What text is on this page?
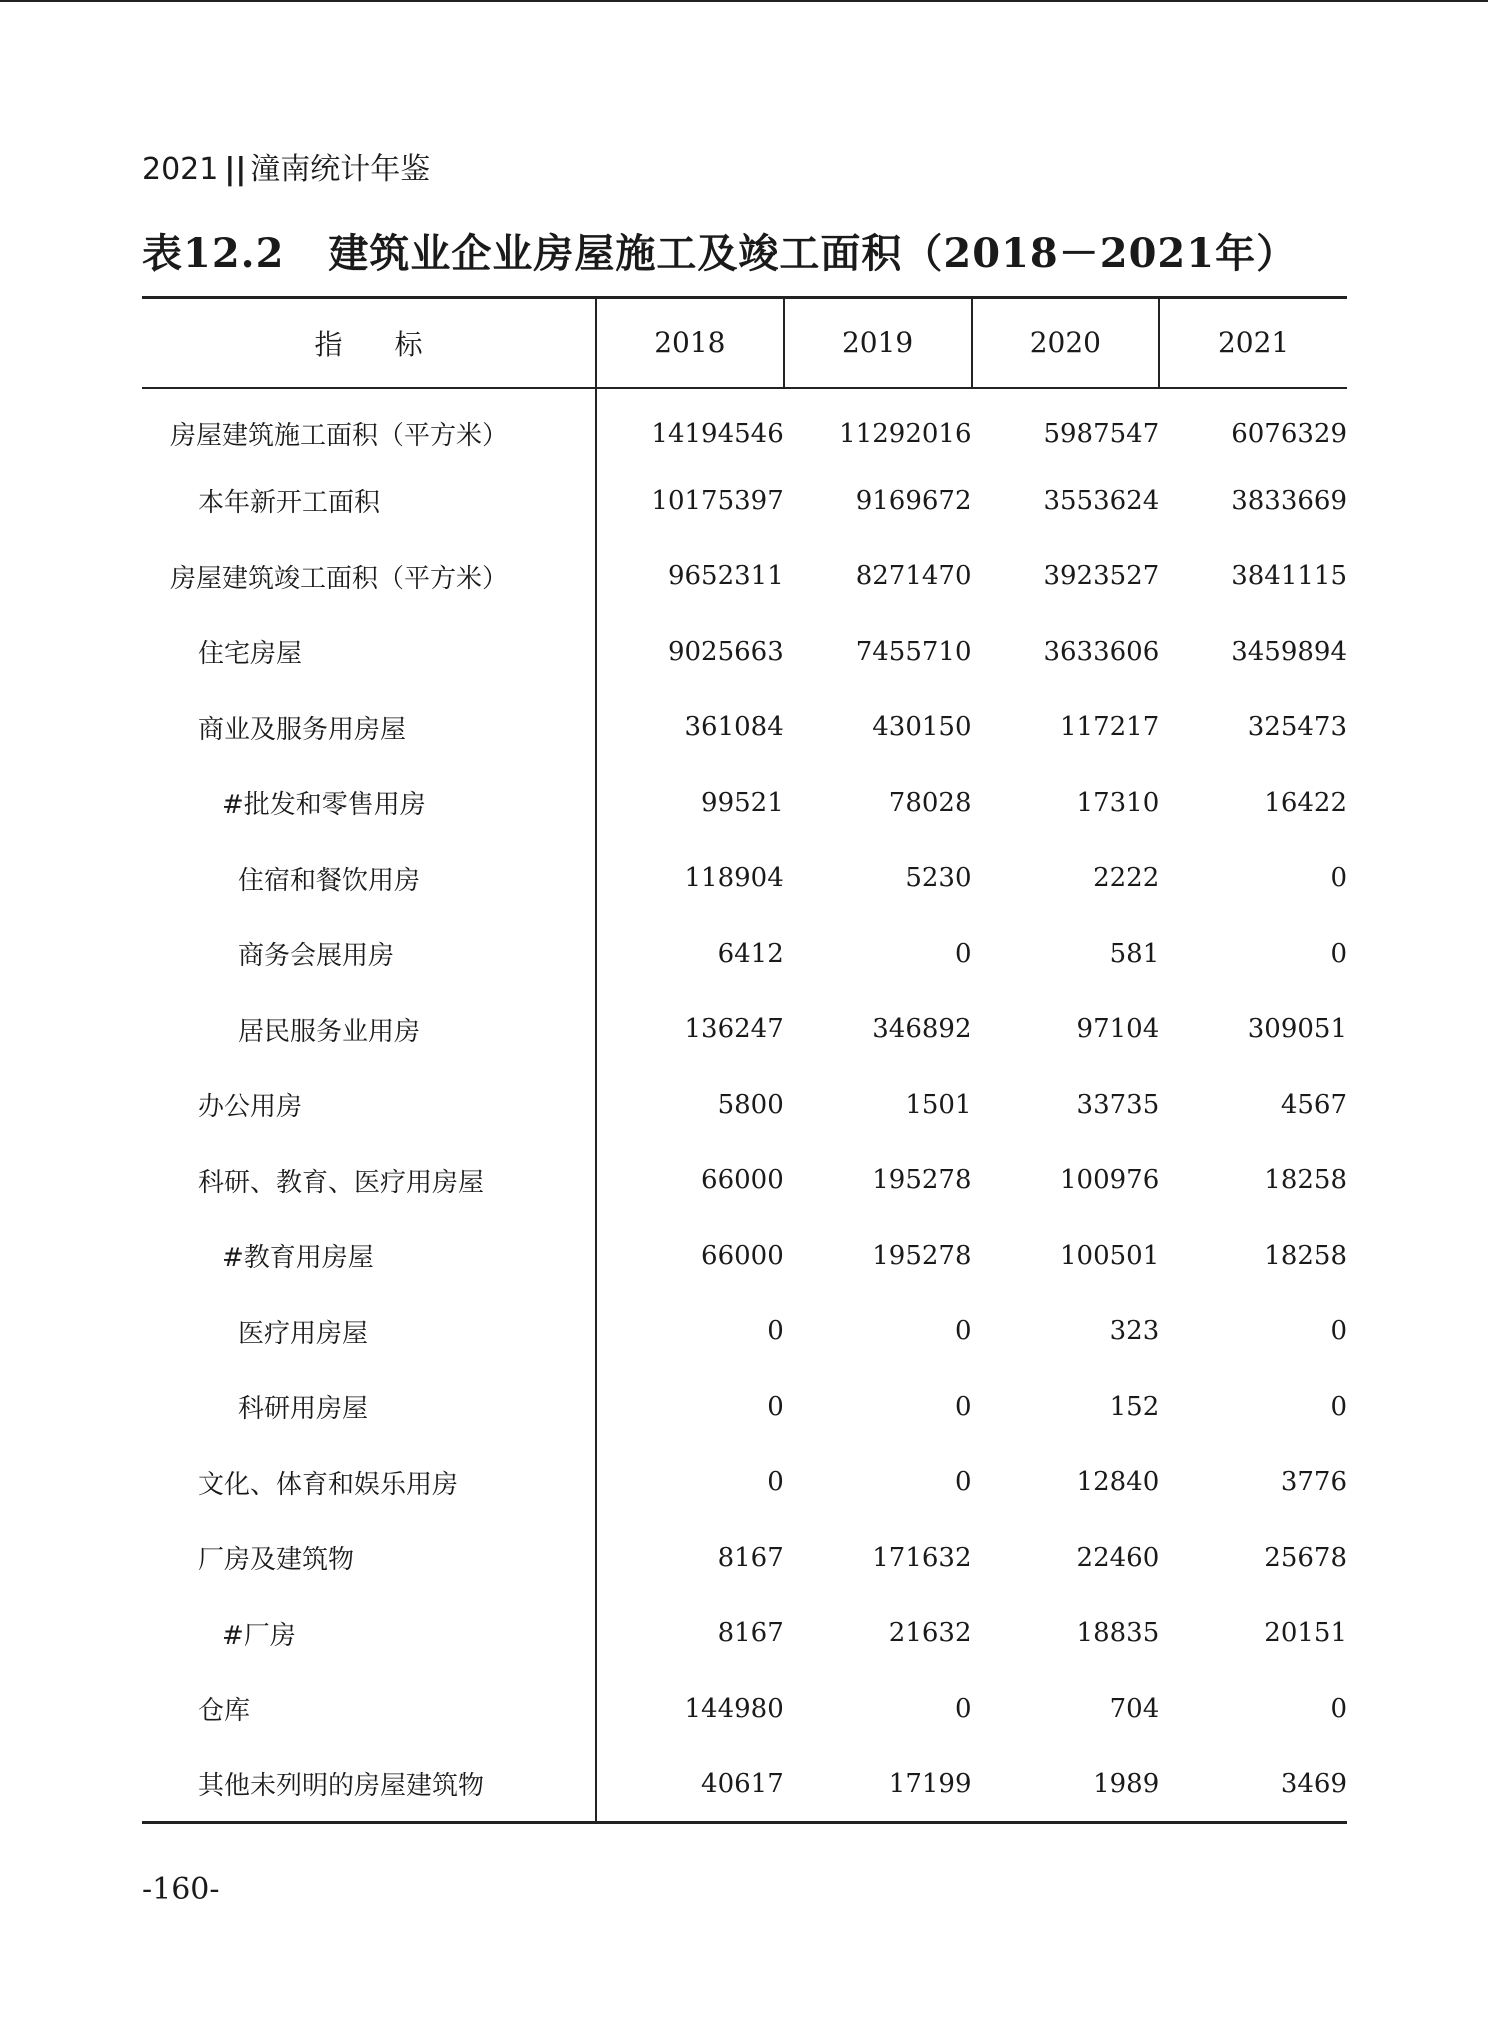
2021 || 潼南统计年鉴
表12.2 建筑业企业房屋施工及竣工面积（2018－2021年）
指 标	2018	2019	2020	2021
房屋建筑施工面积（平方米）	14194546	11292016	5987547	6076329
本年新开工面积	10175397	9169672	3553624	3833669
房屋建筑竣工面积（平方米）	9652311	8271470	3923527	3841115
住宅房屋	9025663	7455710	3633606	3459894
商业及服务用房屋	361084	430150	117217	325473
#批发和零售用房	99521	78028	17310	16422
住宿和餐饮用房	118904	5230	2222	0
商务会展用房	6412	0	581	0
居民服务业用房	136247	346892	97104	309051
办公用房	5800	1501	33735	4567
科研、教育、医疗用房屋	66000	195278	100976	18258
#教育用房屋	66000	195278	100501	18258
医疗用房屋	0	0	323	0
科研用房屋	0	0	152	0
文化、体育和娱乐用房	0	0	12840	3776
厂房及建筑物	8167	171632	22460	25678
#厂房	8167	21632	18835	20151
仓库	144980	0	704	0
其他未列明的房屋建筑物	40617	17199	1989	3469
-160-
